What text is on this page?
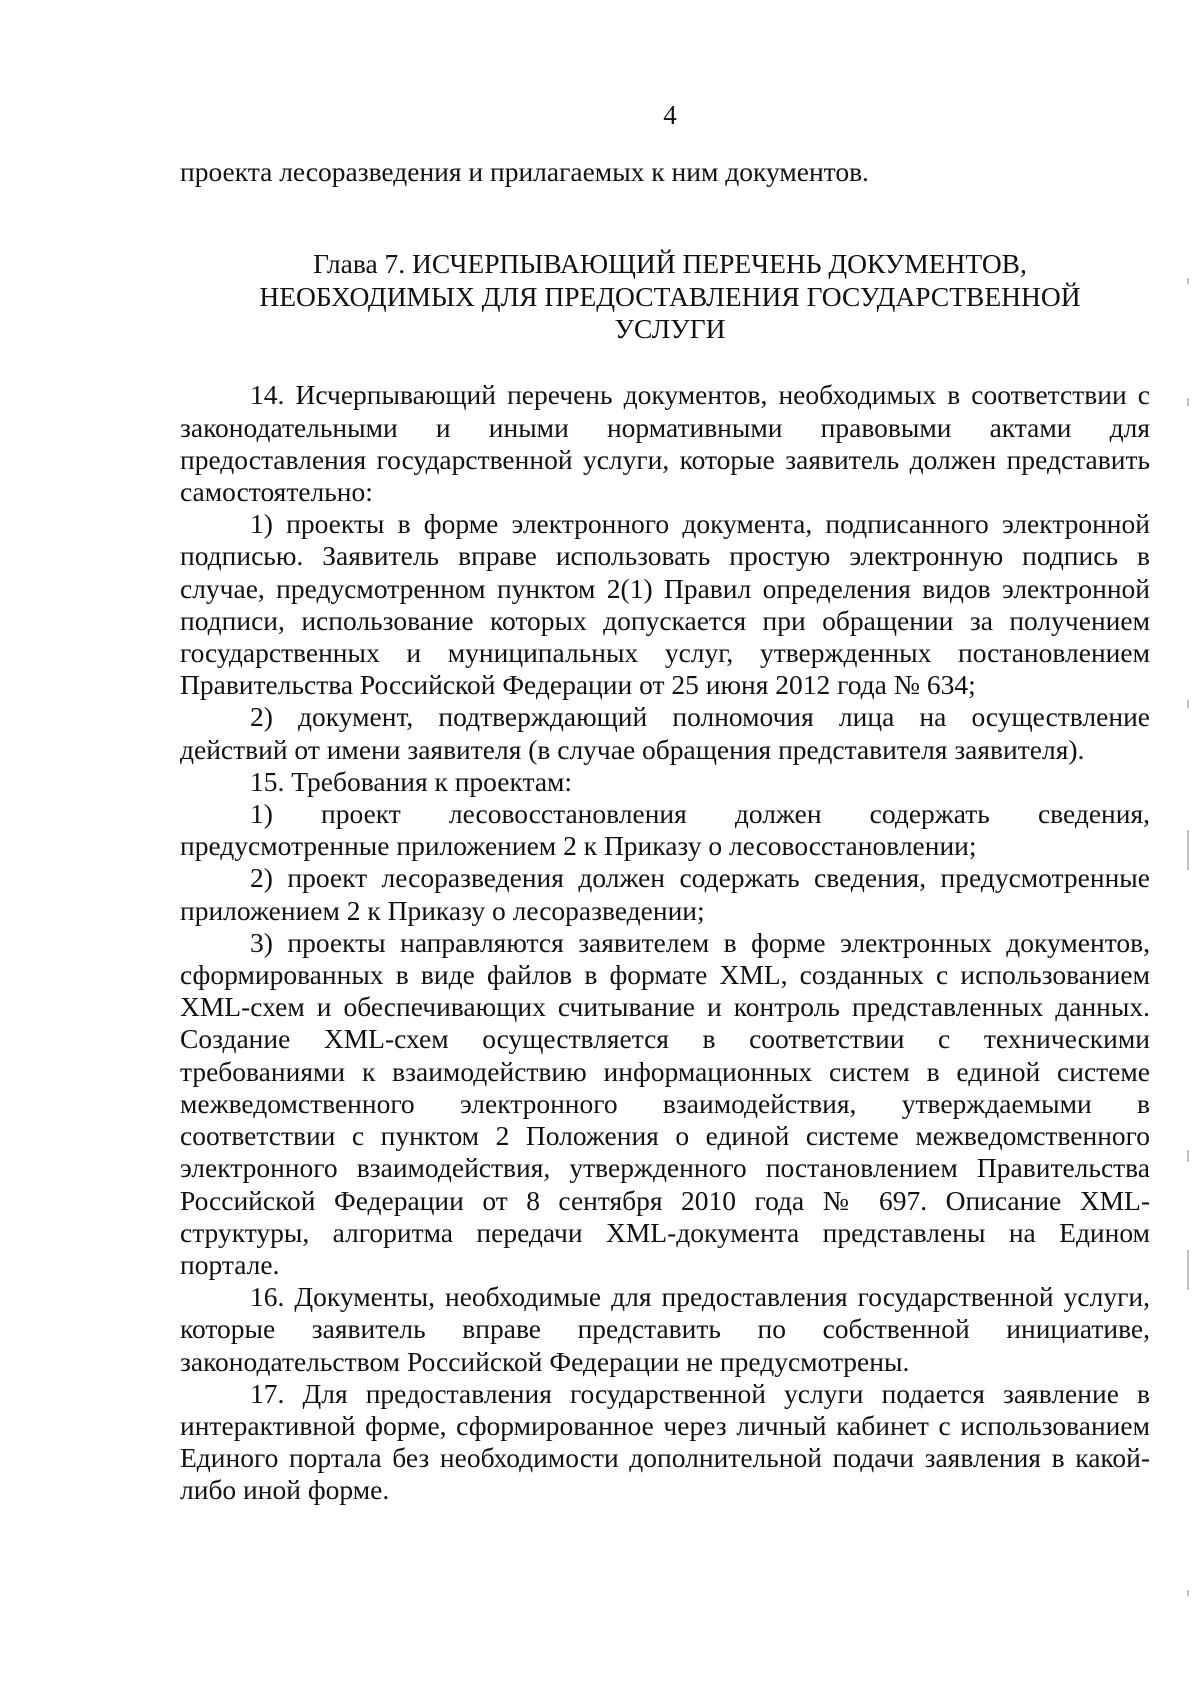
4

проекта лесоразведения и прилагаемых к ним документов.

Глава 7. ИСЧЕРПЫВАЮЩИЙ ПЕРЕЧЕНЬ ДОКУМЕНТОВ,
НЕОБХОДИМЫХ ДЛЯ ПРЕДОСТАВЛЕНИЯ ГОСУДАРСТВЕННОЙ
УСЛУГИ

14. Исчерпывающий перечень документов, необходимых в соответствии с законодательными и иными нормативными правовыми актами для предоставления государственной услуги, которые заявитель должен представить самостоятельно:

1) проекты в форме электронного документа, подписанного электронной подписью. Заявитель вправе использовать простую электронную подпись в случае, предусмотренном пунктом 2(1) Правил определения видов электронной подписи, использование которых допускается при обращении за получением государственных и муниципальных услуг, утвержденных постановлением Правительства Российской Федерации от 25 июня 2012 года № 634;

2) документ, подтверждающий полномочия лица на осуществление действий от имени заявителя (в случае обращения представителя заявителя).

15. Требования к проектам:

1) проект лесовосстановления должен содержать сведения, предусмотренные приложением 2 к Приказу о лесовосстановлении;

2) проект лесоразведения должен содержать сведения, предусмотренные приложением 2 к Приказу о лесоразведении;

3) проекты направляются заявителем в форме электронных документов, сформированных в виде файлов в формате XML, созданных с использованием XML-схем и обеспечивающих считывание и контроль представленных данных. Создание XML-схем осуществляется в соответствии с техническими требованиями к взаимодействию информационных систем в единой системе межведомственного электронного взаимодействия, утверждаемыми в соответствии с пунктом 2 Положения о единой системе межведомственного электронного взаимодействия, утвержденного постановлением Правительства Российской Федерации от 8 сентября 2010 года № 697. Описание XML-структуры, алгоритма передачи XML-документа представлены на Едином портале.

16. Документы, необходимые для предоставления государственной услуги, которые заявитель вправе представить по собственной инициативе, законодательством Российской Федерации не предусмотрены.

17. Для предоставления государственной услуги подается заявление в интерактивной форме, сформированное через личный кабинет с использованием Единого портала без необходимости дополнительной подачи заявления в какой-либо иной форме.
